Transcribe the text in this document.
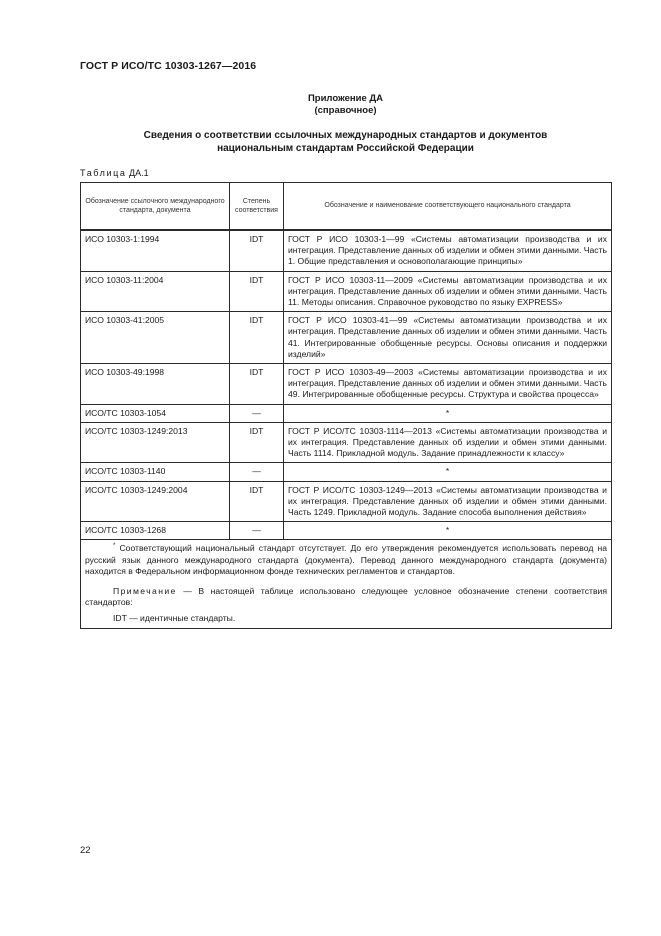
ГОСТ Р ИСО/ТС 10303-1267—2016
Приложение ДА
(справочное)
Сведения о соответствии ссылочных международных стандартов и документов
национальным стандартам Российской Федерации
Таблица ДА.1
Обозначение ссылочного международного стандарта, документа	Степень соответствия	Обозначение и наименование соответствующего национального стандарта
ИСО 10303-1:1994	IDT	ГОСТ Р ИСО 10303-1—99 «Системы автоматизации производства и их интеграция. Представление данных об изделии и обмен этими данными. Часть 1. Общие представления и основополагающие принципы»
ИСО 10303-11:2004	IDT	ГОСТ Р ИСО 10303-11—2009 «Системы автоматизации производства и их интеграция. Представление данных об изделии и обмен этими данными. Часть 11. Методы описания. Справочное руководство по языку EXPRESS»
ИСО 10303-41:2005	IDT	ГОСТ Р ИСО 10303-41—99 «Системы автоматизации производства и их интеграция. Представление данных об изделии и обмен этими данными. Часть 41. Интегрированные обобщенные ресурсы. Основы описания и поддержки изделий»
ИСО 10303-49:1998	IDT	ГОСТ Р ИСО 10303-49—2003 «Системы автоматизации производства и их интеграция. Представление данных об изделии и обмен этими данными. Часть 49. Интегрированные обобщенные ресурсы. Структура и свойства процесса»
ИСО/ТС 10303-1054	—	*
ИСО/ТС 10303-1249:2013	IDT	ГОСТ Р ИСО/ТС 10303-1114—2013 «Системы автоматизации производства и их интеграция. Представление данных об изделии и обмен этими данными. Часть 1114. Прикладной модуль. Задание принадлежности к классу»
ИСО/ТС 10303-1140	—	*
ИСО/ТС 10303-1249:2004	IDT	ГОСТ Р ИСО/ТС 10303-1249—2013 «Системы автоматизации производства и их интеграция. Представление данных об изделии и обмен этими данными. Часть 1249. Прикладной модуль. Задание способа выполнения действия»
ИСО/ТС 10303-1268	—	*

* Соответствующий национальный стандарт отсутствует. До его утверждения рекомендуется использовать перевод на русский язык данного международного стандарта (документа). Перевод данного международного стандарта (документа) находится в Федеральном информационном фонде технических регламентов и стандартов.

Примечание — В настоящей таблице использовано следующее условное обозначение степени соответствия стандартов:

IDT — идентичные стандарты.		

22
